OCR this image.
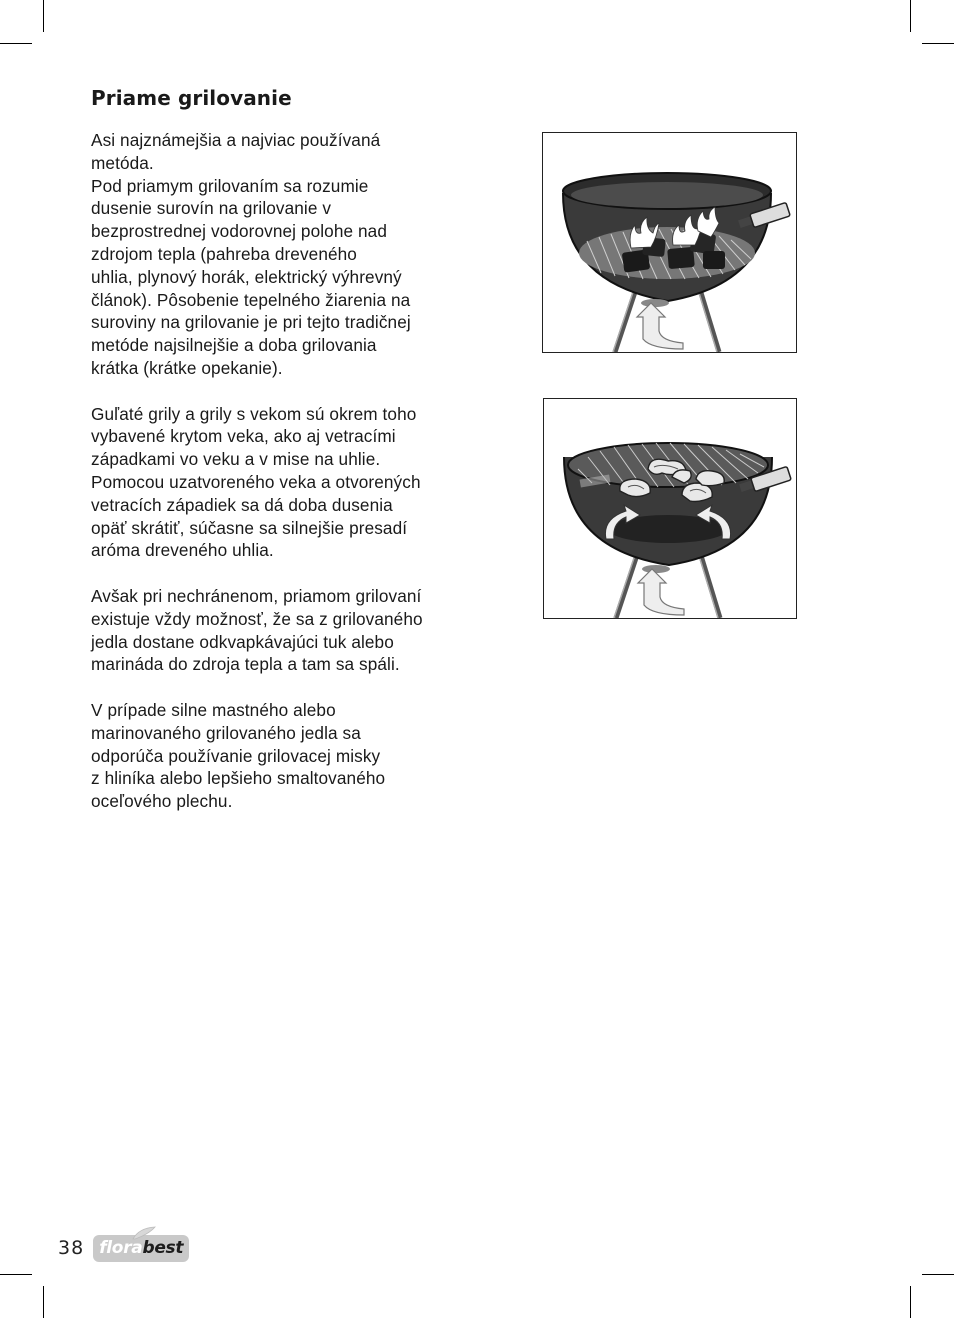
Priame grilovanie

Asi najznámejšia a najviac používaná
metóda.
Pod priamym grilovaním sa rozumie
dusenie surovín na grilovanie v
bezprostrednej vodorovnej polohe nad
zdrojom tepla (pahreba dreveného
uhlia, plynový horák, elektrický výhrevný
článok). Pôsobenie tepelného žiarenia na
suroviny na grilovanie je pri tejto tradičnej
metóde najsilnejšie a doba grilovania
krátka (krátke opekanie).

Guľaté grily a grily s vekom sú okrem toho
vybavené krytom veka, ako aj vetracími
západkami vo veku a v mise na uhlie.
Pomocou uzatvoreného veka a otvorených
vetracích západiek sa dá doba dusenia
opäť skrátiť, súčasne sa silnejšie presadí
aróma dreveného uhlia.

Avšak pri nechránenom, priamom grilovaní
existuje vždy možnosť, že sa z grilovaného
jedla dostane odkvapkávajúci tuk alebo
marináda do zdroja tepla a tam sa spáli.

V prípade silne mastného alebo
marinovaného grilovaného jedla sa
odporúča používanie grilovacej misky
z hliníka alebo lepšieho smaltovaného
oceľového plechu.

38 flora best
